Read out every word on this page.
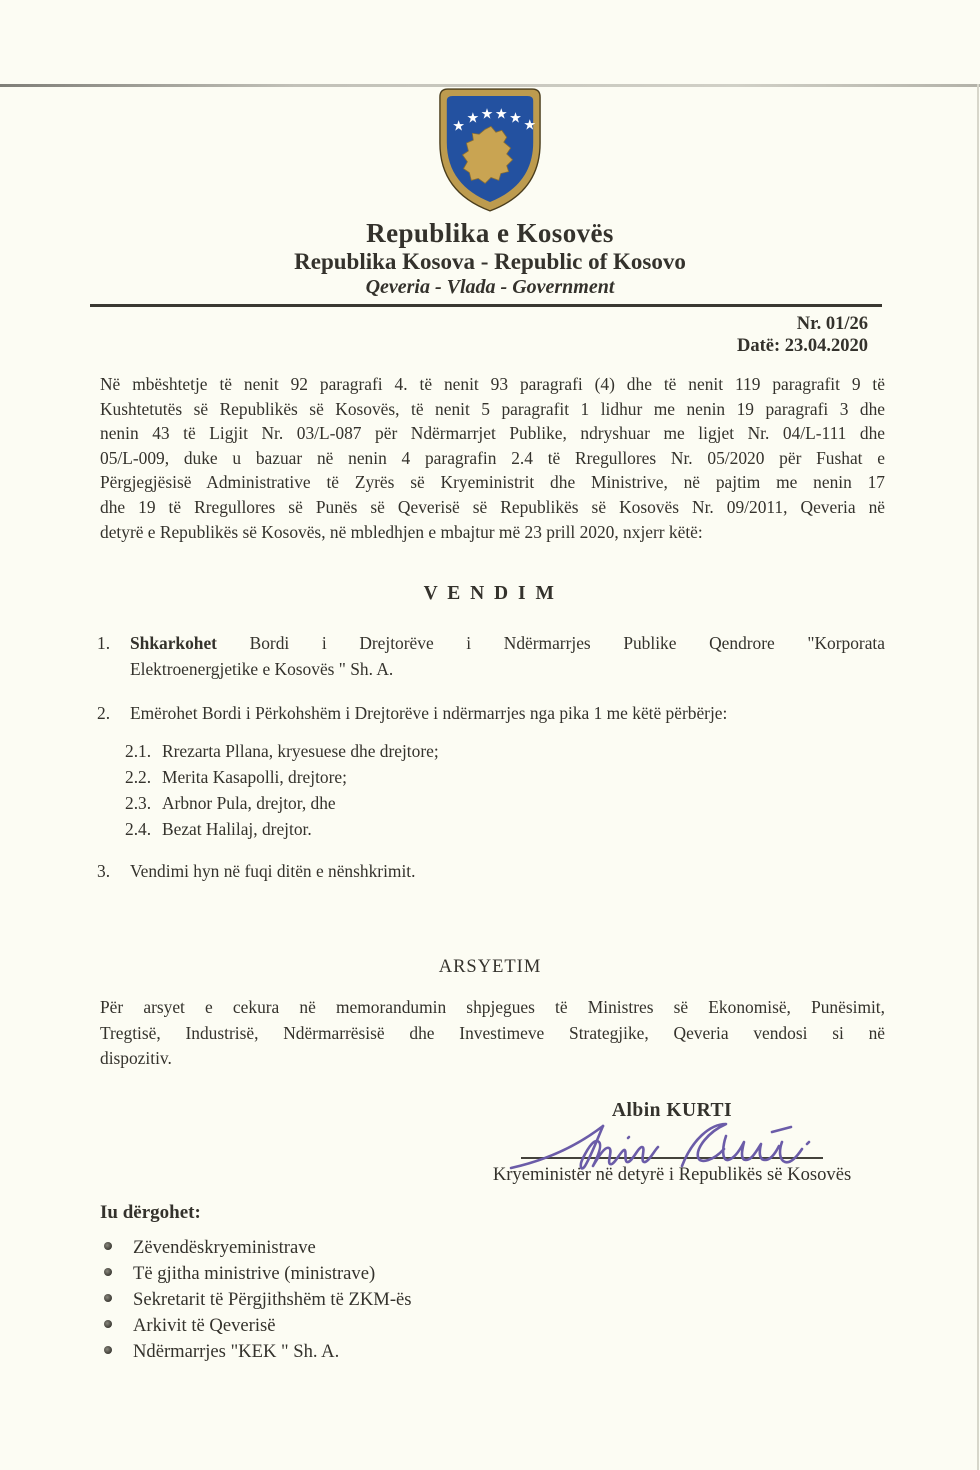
★ ★ ★ ★ ★ ★
Republika e Kosovës
Republika Kosova - Republic of Kosovo
Qeveria - Vlada - Government
Nr. 01/26
Datë: 23.04.2020
Në mbështetje të nenit 92 paragrafi 4. të nenit 93 paragrafi (4) dhe të nenit 119 paragrafit 9 të
Kushtetutës së Republikës së Kosovës, të nenit 5 paragrafit 1 lidhur me nenin 19 paragrafi 3 dhe
nenin 43 të Ligjit Nr. 03/L-087 për Ndërmarrjet Publike, ndryshuar me ligjet Nr. 04/L-111 dhe
05/L-009, duke u bazuar në nenin 4 paragrafin 2.4 të Rregullores Nr. 05/2020 për Fushat e
Përgjegjësisë Administrative të Zyrës së Kryeministrit dhe Ministrive, në pajtim me nenin 17
dhe 19 të Rregullores së Punës së Qeverisë së Republikës së Kosovës Nr. 09/2011, Qeveria në
detyrë e Republikës së Kosovës, në mbledhjen e mbajtur më 23 prill 2020, nxjerr këtë:
V E N D I M
1.	Shkarkohet Bordi i Drejtorëve i Ndërmarrjes Publike Qendrore "Korporata
Elektroenergjetike e Kosovës " Sh. A.
2.	Emërohet Bordi i Përkohshëm i Drejtorëve i ndërmarrjes nga pika 1 me këtë përbërje:
2.1. Rrezarta Pllana, kryesuese dhe drejtore;
2.2. Merita Kasapolli, drejtore;
2.3. Arbnor Pula, drejtor, dhe
2.4. Bezat Halilaj, drejtor.
3.	Vendimi hyn në fuqi ditën e nënshkrimit.
ARSYETIM
Për arsyet e cekura në memorandumin shpjegues të Ministres së Ekonomisë, Punësimit,
Tregtisë, Industrisë, Ndërmarrësisë dhe Investimeve Strategjike, Qeveria vendosi si në
dispozitiv.
Albin KURTI
Kryeministër në detyrë i Republikës së Kosovës
Iu dërgohet:
Zëvendëskryeministrave
Të gjitha ministrive (ministrave)
Sekretarit të Përgjithshëm të ZKM-ës
Arkivit të Qeverisë
Ndërmarrjes "KEK " Sh. A.
